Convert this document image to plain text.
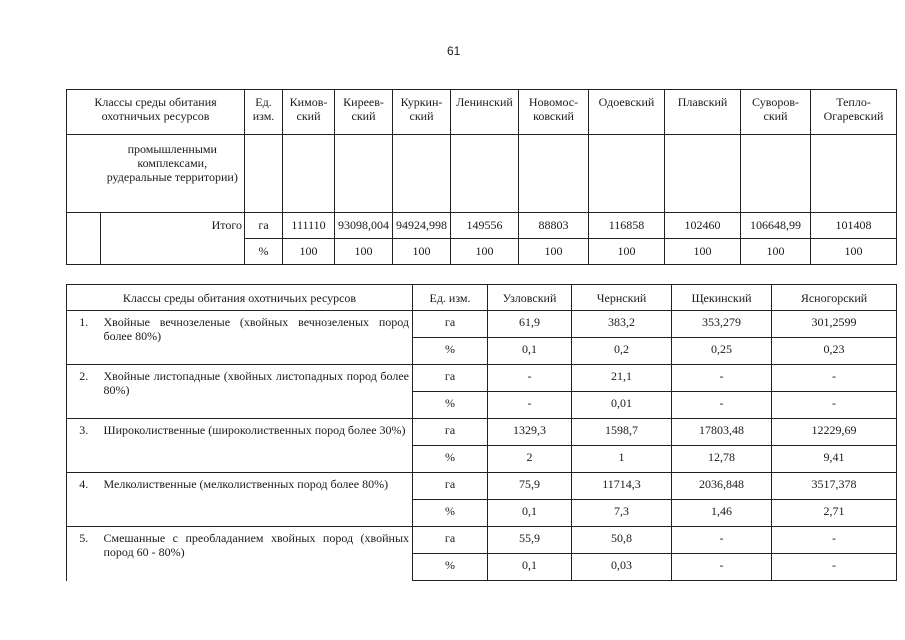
61
Классы среды обитания охотничьих ресурсов		Ед. изм.	Кимов-ский	Киреев-ский	Куркин-ский	Ленинский	Новомос-ковский	Одоевский	Плавский	Суворов-ский	Тепло-Огаревский
	промышленными комплексами, рудеральные территории)										
	Итого	га	111110	93098,004	94924,998	149556	88803	116858	102460	106648,99	101408
		%	100	100	100	100	100	100	100	100	100
Классы среды обитания охотничьих ресурсов		Ед. изм.	Узловский	Чернский	Щекинский	Ясногорский
1.	Хвойные вечнозеленые (хвойных вечнозеленых пород более 80%)	га	61,9	383,2	353,279	301,2599
		%	0,1	0,2	0,25	0,23
2.	Хвойные листопадные (хвойных листопадных пород более 80%)	га	-	21,1	-	-
		%	-	0,01	-	-
3.	Широколиственные (широколиственных пород более 30%)	га	1329,3	1598,7	17803,48	12229,69
		%	2	1	12,78	9,41
4.	Мелколиственные (мелколиственных пород более 80%)	га	75,9	11714,3	2036,848	3517,378
		%	0,1	7,3	1,46	2,71
5.	Смешанные с преобладанием хвойных пород (хвойных пород 60 - 80%)	га	55,9	50,8	-	-
		%	0,1	0,03	-	-
